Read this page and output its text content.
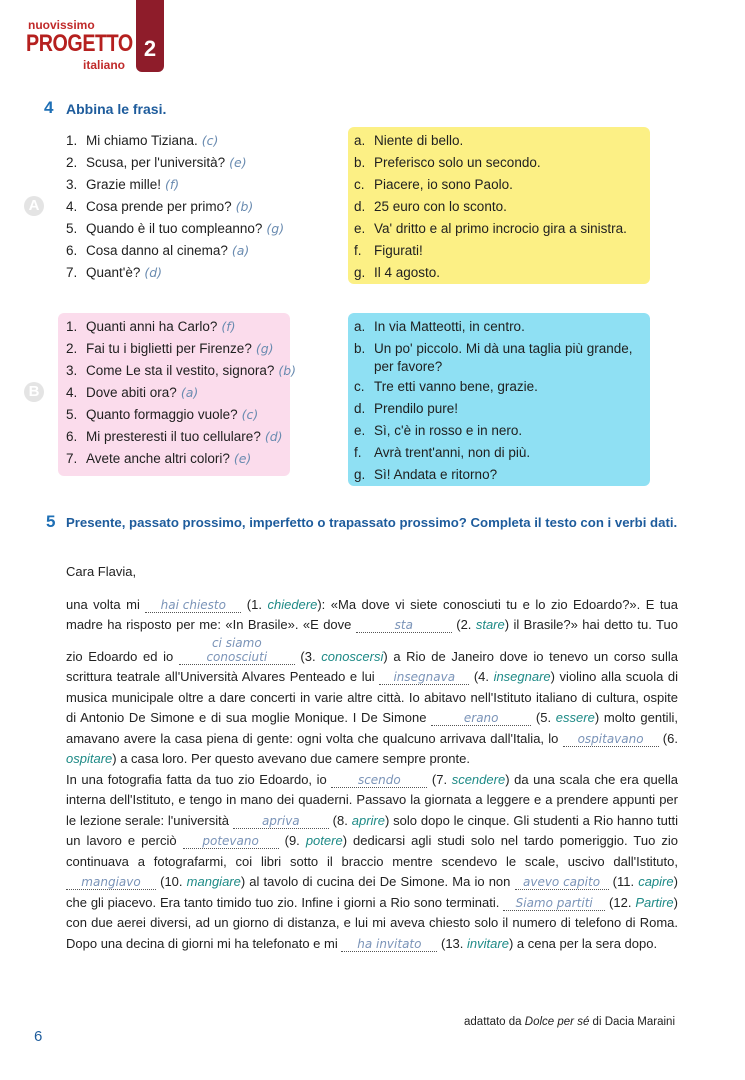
nuovissimo
PROGETTO
italiano
2
4 Abbina le frasi.
A
B
1. Mi chiamo Tiziana. (c)
2. Scusa, per l'università? (e)
3. Grazie mille! (f)
4. Cosa prende per primo? (b)
5. Quando è il tuo compleanno? (g)
6. Cosa danno al cinema? (a)
7. Quant'è? (d)
a. Niente di bello.
b. Preferisco solo un secondo.
c. Piacere, io sono Paolo.
d. 25 euro con lo sconto.
e. Va' dritto e al primo incrocio gira a sinistra.
f. Figurati!
g. Il 4 agosto.
1. Quanti anni ha Carlo? (f)
2. Fai tu i biglietti per Firenze? (g)
3. Come Le sta il vestito, signora? (b)
4. Dove abiti ora? (a)
5. Quanto formaggio vuole? (c)
6. Mi presteresti il tuo cellulare? (d)
7. Avete anche altri colori? (e)
a. In via Matteotti, in centro.
b. Un po' piccolo. Mi dà una taglia più grande, per favore?
c. Tre etti vanno bene, grazie.
d. Prendilo pure!
e. Sì, c'è in rosso e in nero.
f. Avrà trent'anni, non di più.
g. Sì! Andata e ritorno?
5 Presente, passato prossimo, imperfetto o trapassato prossimo? Completa il testo con i verbi dati.

Cara Flavia,

una volta mi hai chiesto (1. chiedere): «Ma dove vi siete conosciuti tu e lo zio Edoardo?». E tua madre ha risposto per me: «In Brasile». «E dove	sta	(2. stare) il Brasile?» hai detto tu. Tuo zio Edoardo ed io ci siamo conosciuti (3. conoscersi) a Rio de Janeiro dove io tenevo un corso sulla scrittura teatrale all'Università Alvares Penteado e lui insegnava (4. insegnare) violino alla scuola di musica municipale oltre a dare concerti in varie altre città. Io abitavo nell'Istituto italiano di cultura, ospite di Antonio De Simone e di sua moglie Monique. I De Simone	erano	(5. essere) molto gentili, amavano avere la casa piena di gente: ogni volta che qualcuno arrivava dall'Italia, lo ospitavano (6. ospitare) a casa loro. Per questo avevano due camere sempre pronte.

In una fotografia fatta da tuo zio Edoardo, io	scendo (7. scendere) da una scala che era quella interna dell'Istituto, e tengo in mano dei quaderni. Passavo la giornata a leggere e a prendere appunti per le lezione serale: l'università	apriva (8. aprire) solo dopo le cinque. Gli studenti a Rio hanno tutti un lavoro e perciò potevano (9. potere) dedicarsi agli studi solo nel tardo pomeriggio. Tuo zio continuava a fotografarmi, coi libri sotto il braccio mentre scendevo le scale, uscivo dall'Istituto, mangiavo (10. mangiare) al tavolo di cucina dei De Simone. Ma io non avevo capito (11. capire) che gli piacevo. Era tanto timido tuo zio. Infine i giorni a Rio sono terminati. Siamo partiti (12. Partire) con due aerei diversi, ad un giorno di distanza, e lui mi aveva chiesto solo il numero di telefono di Roma. Dopo una decina di giorni mi ha telefonato e mi ha invitato (13. invitare) a cena per la sera dopo.

adattato da Dolce per sé di Dacia Maraini
6
